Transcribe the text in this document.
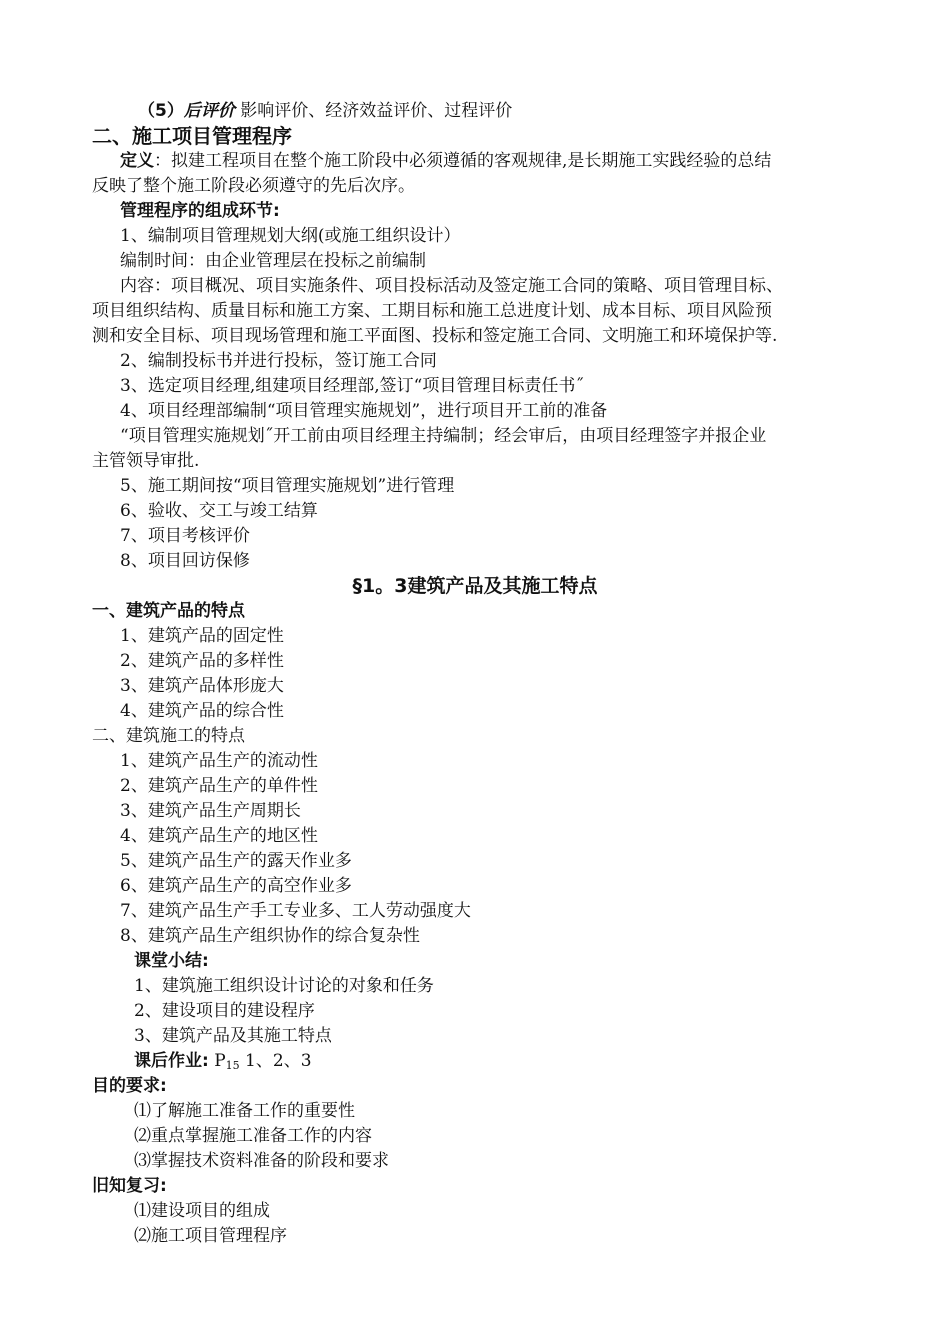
（5）后评价 影响评价、经济效益评价、过程评价
二、施工项目管理程序
定义：拟建工程项目在整个施工阶段中必须遵循的客观规律,是长期施工实践经验的总结
反映了整个施工阶段必须遵守的先后次序。
管理程序的组成环节:
1、编制项目管理规划大纲(或施工组织设计）
编制时间：由企业管理层在投标之前编制
内容：项目概况、项目实施条件、项目投标活动及签定施工合同的策略、项目管理目标、
项目组织结构、质量目标和施工方案、工期目标和施工总进度计划、成本目标、项目风险预
测和安全目标、项目现场管理和施工平面图、投标和签定施工合同、文明施工和环境保护等.
2、编制投标书并进行投标，签订施工合同
3、选定项目经理,组建项目经理部,签订“项目管理目标责任书˝
4、项目经理部编制“项目管理实施规划”，进行项目开工前的准备
“项目管理实施规划˝开工前由项目经理主持编制；经会审后，由项目经理签字并报企业
主管领导审批.
5、施工期间按“项目管理实施规划”进行管理
6、验收、交工与竣工结算
7、项目考核评价
8、项目回访保修
§1。3建筑产品及其施工特点
一、建筑产品的特点
1、建筑产品的固定性
2、建筑产品的多样性
3、建筑产品体形庞大
4、建筑产品的综合性
二、建筑施工的特点
1、建筑产品生产的流动性
2、建筑产品生产的单件性
3、建筑产品生产周期长
4、建筑产品生产的地区性
5、建筑产品生产的露天作业多
6、建筑产品生产的高空作业多
7、建筑产品生产手工专业多、工人劳动强度大
8、建筑产品生产组织协作的综合复杂性
课堂小结:
1、建筑施工组织设计讨论的对象和任务
2、建设项目的建设程序
3、建筑产品及其施工特点
课后作业: $P_{15}$ 1、2、3
目的要求:
⑴了解施工准备工作的重要性
⑵重点掌握施工准备工作的内容
⑶掌握技术资料准备的阶段和要求
旧知复习:
⑴建设项目的组成
⑵施工项目管理程序
